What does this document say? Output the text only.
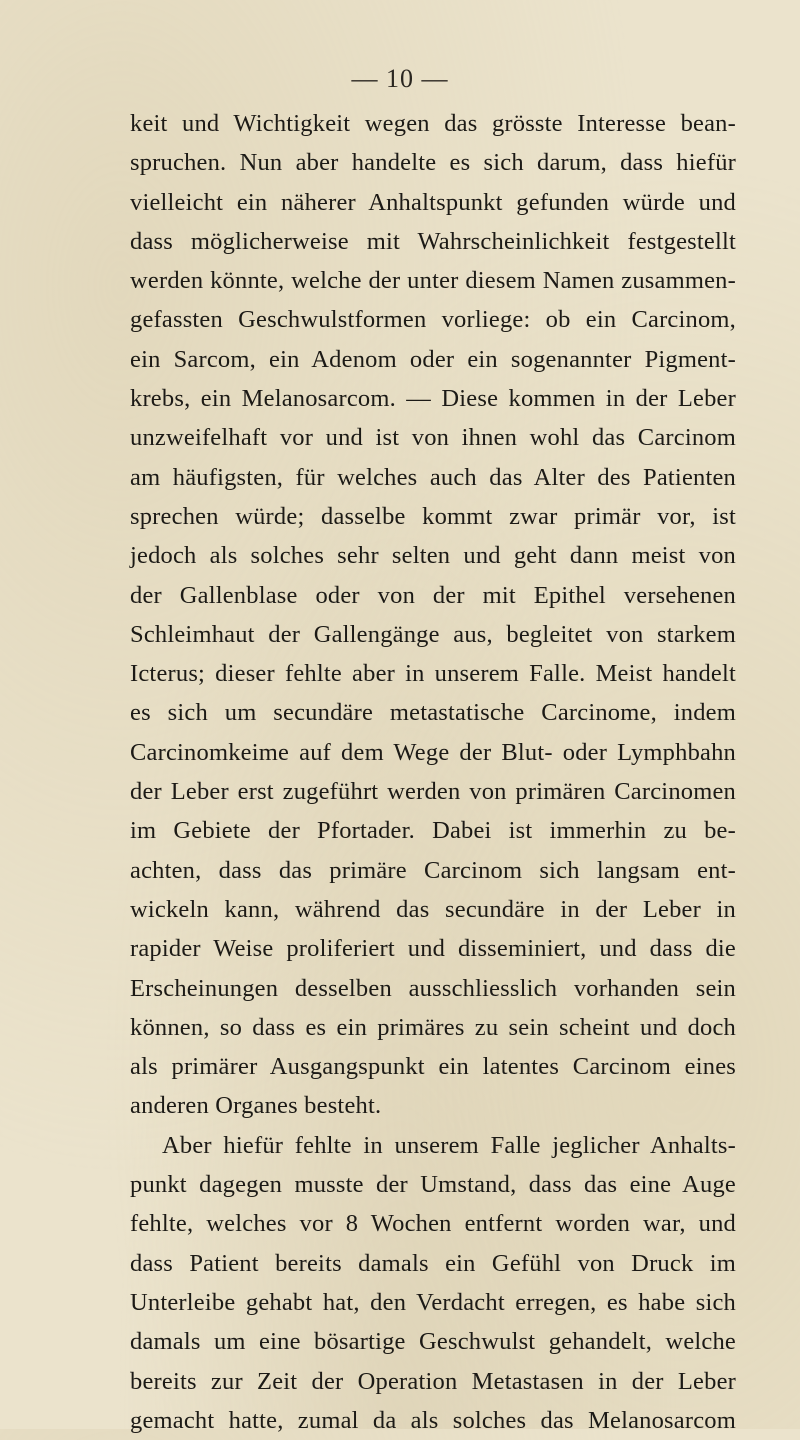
— 10 —
keit und Wichtigkeit wegen das grösste Interesse bean-
spruchen. Nun aber handelte es sich darum, dass hiefür
vielleicht ein näherer Anhaltspunkt gefunden würde und
dass möglicherweise mit Wahrscheinlichkeit festgestellt
werden könnte, welche der unter diesem Namen zusammen-
gefassten Geschwulstformen vorliege: ob ein Carcinom,
ein Sarcom, ein Adenom oder ein sogenannter Pigment-
krebs, ein Melanosarcom. — Diese kommen in der Leber
unzweifelhaft vor und ist von ihnen wohl das Carcinom
am häufigsten, für welches auch das Alter des Patienten
sprechen würde; dasselbe kommt zwar primär vor, ist
jedoch als solches sehr selten und geht dann meist von
der Gallenblase oder von der mit Epithel versehenen
Schleimhaut der Gallengänge aus, begleitet von starkem
Icterus; dieser fehlte aber in unserem Falle. Meist handelt
es sich um secundäre metastatische Carcinome, indem
Carcinomkeime auf dem Wege der Blut- oder Lymphbahn
der Leber erst zugeführt werden von primären Carcinomen
im Gebiete der Pfortader. Dabei ist immerhin zu be-
achten, dass das primäre Carcinom sich langsam ent-
wickeln kann, während das secundäre in der Leber in
rapider Weise proliferiert und disseminiert, und dass die
Erscheinungen desselben ausschliesslich vorhanden sein
können, so dass es ein primäres zu sein scheint und doch
als primärer Ausgangspunkt ein latentes Carcinom eines
anderen Organes besteht.
Aber hiefür fehlte in unserem Falle jeglicher Anhalts-
punkt dagegen musste der Umstand, dass das eine Auge
fehlte, welches vor 8 Wochen entfernt worden war, und
dass Patient bereits damals ein Gefühl von Druck im
Unterleibe gehabt hat, den Verdacht erregen, es habe sich
damals um eine bösartige Geschwulst gehandelt, welche
bereits zur Zeit der Operation Metastasen in der Leber
gemacht hatte, zumal da als solches das Melanosarcom
